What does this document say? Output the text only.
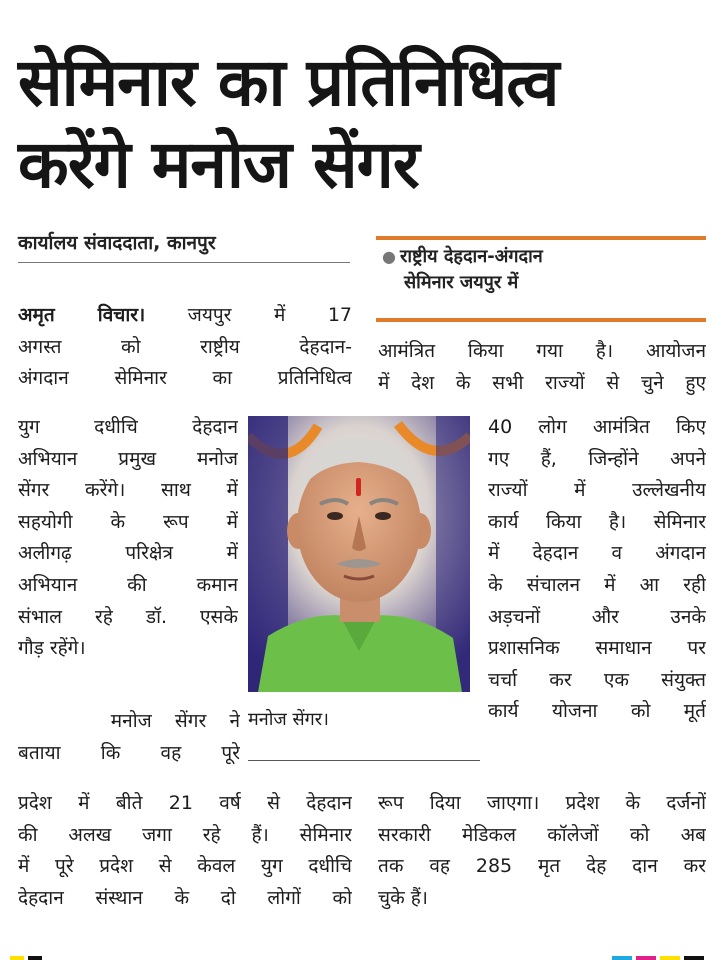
सेमिनार का प्रतिनिधित्व
करेंगे मनोज सेंगर
कार्यालय संवाददाता, कानपुर
● राष्ट्रीय देहदान-अंगदान
सेमिनार जयपुर में
अमृत विचार। जयपुर में 17
अगस्त को राष्ट्रीय देहदान-
अंगदान सेमिनार का प्रतिनिधित्व
युग दधीचि देहदान
अभियान प्रमुख मनोज
सेंगर करेंगे। साथ में
सहयोगी के रूप में
अलीगढ़ परिक्षेत्र में
अभियान की कमान
संभाल रहे डॉ. एसके
गौड़ रहेंगे।
मनोज सेंगर ने
बताया कि वह पूरे
प्रदेश में बीते 21 वर्ष से देहदान
की अलख जगा रहे हैं। सेमिनार
में पूरे प्रदेश से केवल युग दधीचि
देहदान संस्थान के दो लोगों को
मनोज सेंगर।
आमंत्रित किया गया है। आयोजन
में देश के सभी राज्यों से चुने हुए
40 लोग आमंत्रित किए
गए हैं, जिन्होंने अपने
राज्यों में उल्लेखनीय
कार्य किया है। सेमिनार
में देहदान व अंगदान
के संचालन में आ रही
अड़चनों और उनके
प्रशासनिक समाधान पर
चर्चा कर एक संयुक्त
कार्य योजना को मूर्त
रूप दिया जाएगा। प्रदेश के दर्जनों
सरकारी मेडिकल कॉलेजों को अब
तक वह 285 मृत देह दान कर
चुके हैं।
